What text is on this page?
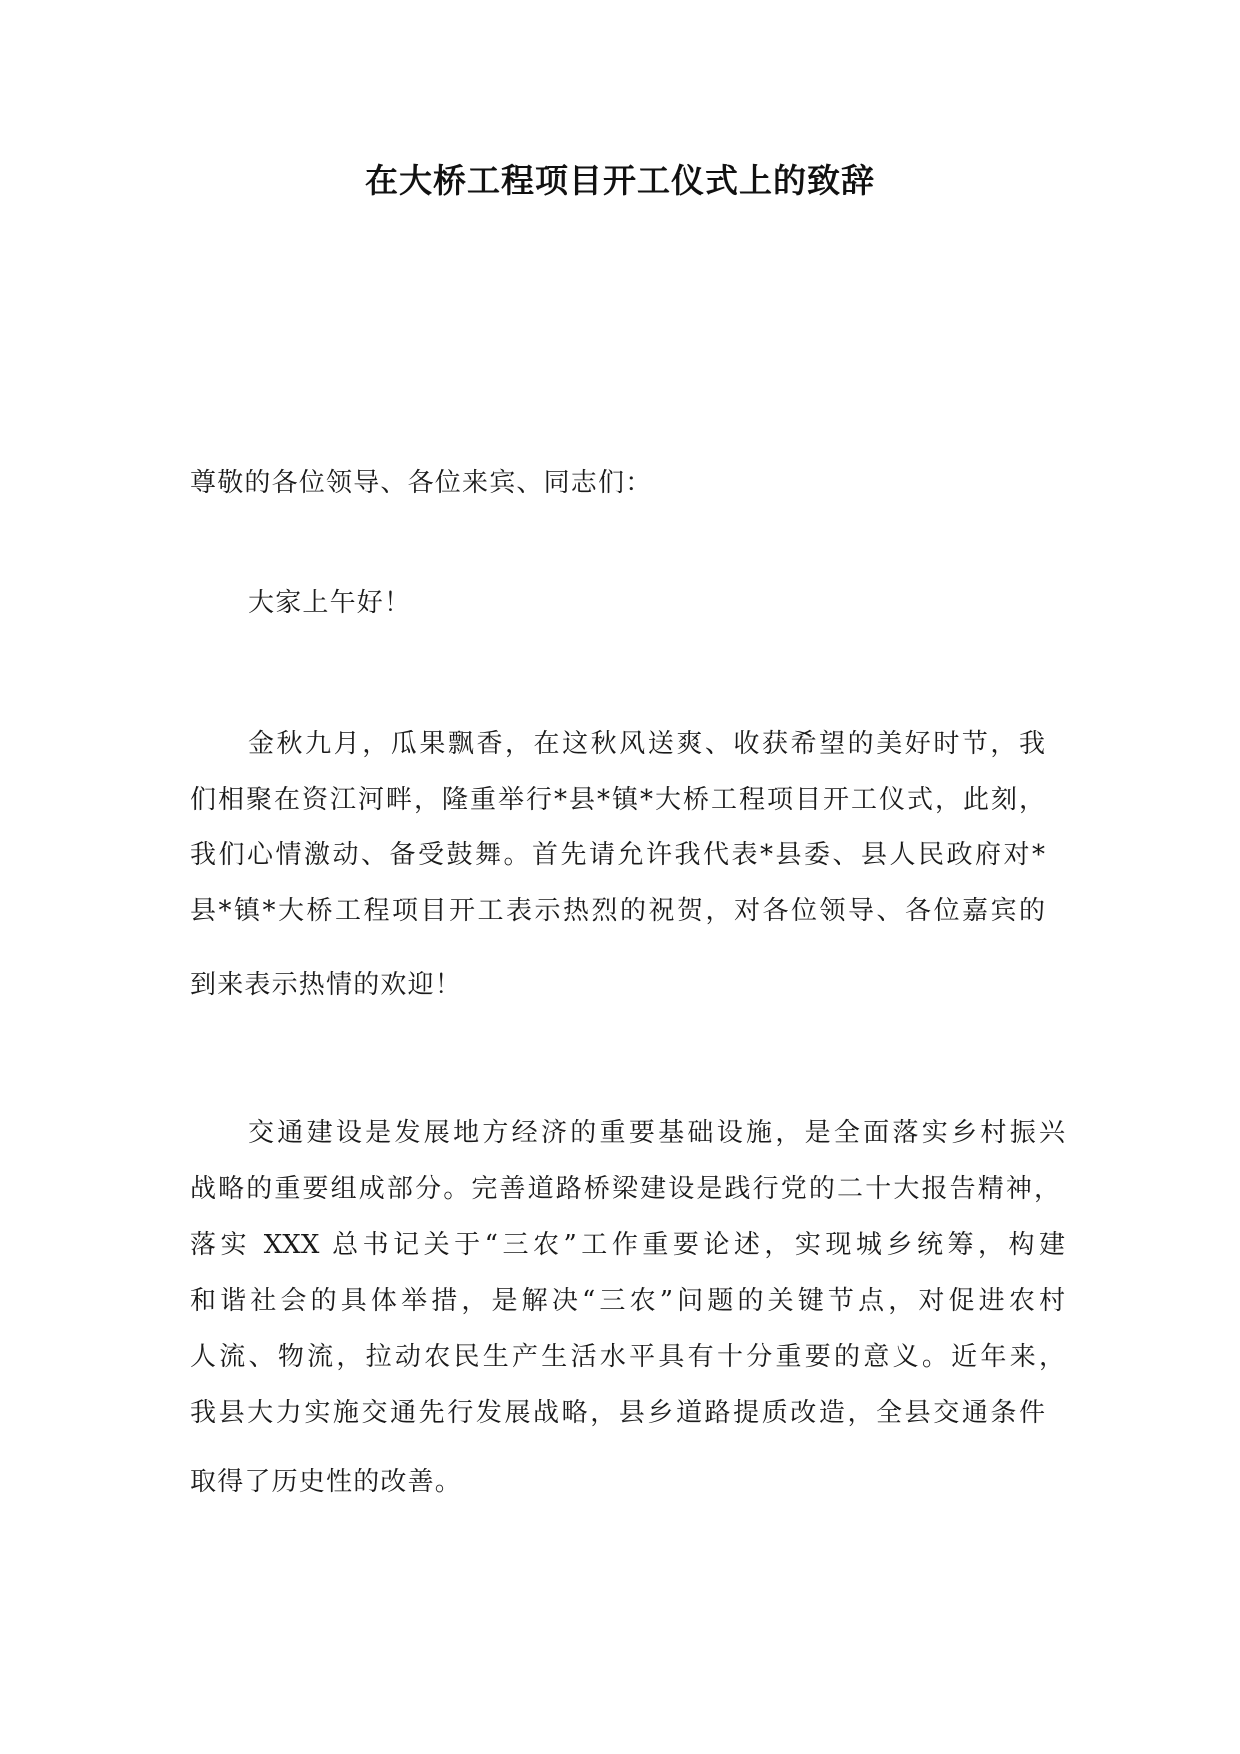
在大桥工程项目开工仪式上的致辞
尊敬的各位领导、各位来宾、同志们：
大家上午好！
金秋九月，瓜果飘香，在这秋风送爽、收获希望的美好时节，我
们相聚在资江河畔，隆重举行*县*镇*大桥工程项目开工仪式，此刻，
我们心情激动、备受鼓舞。首先请允许我代表*县委、县人民政府对*
县*镇*大桥工程项目开工表示热烈的祝贺，对各位领导、各位嘉宾的
到来表示热情的欢迎！
交通建设是发展地方经济的重要基础设施，是全面落实乡村振兴
战略的重要组成部分。完善道路桥梁建设是践行党的二十大报告精神，
落实 XXX 总书记关于“三农”工作重要论述，实现城乡统筹，构建
和谐社会的具体举措，是解决“三农”问题的关键节点，对促进农村
人流、物流，拉动农民生产生活水平具有十分重要的意义。近年来，
我县大力实施交通先行发展战略，县乡道路提质改造，全县交通条件
取得了历史性的改善。
